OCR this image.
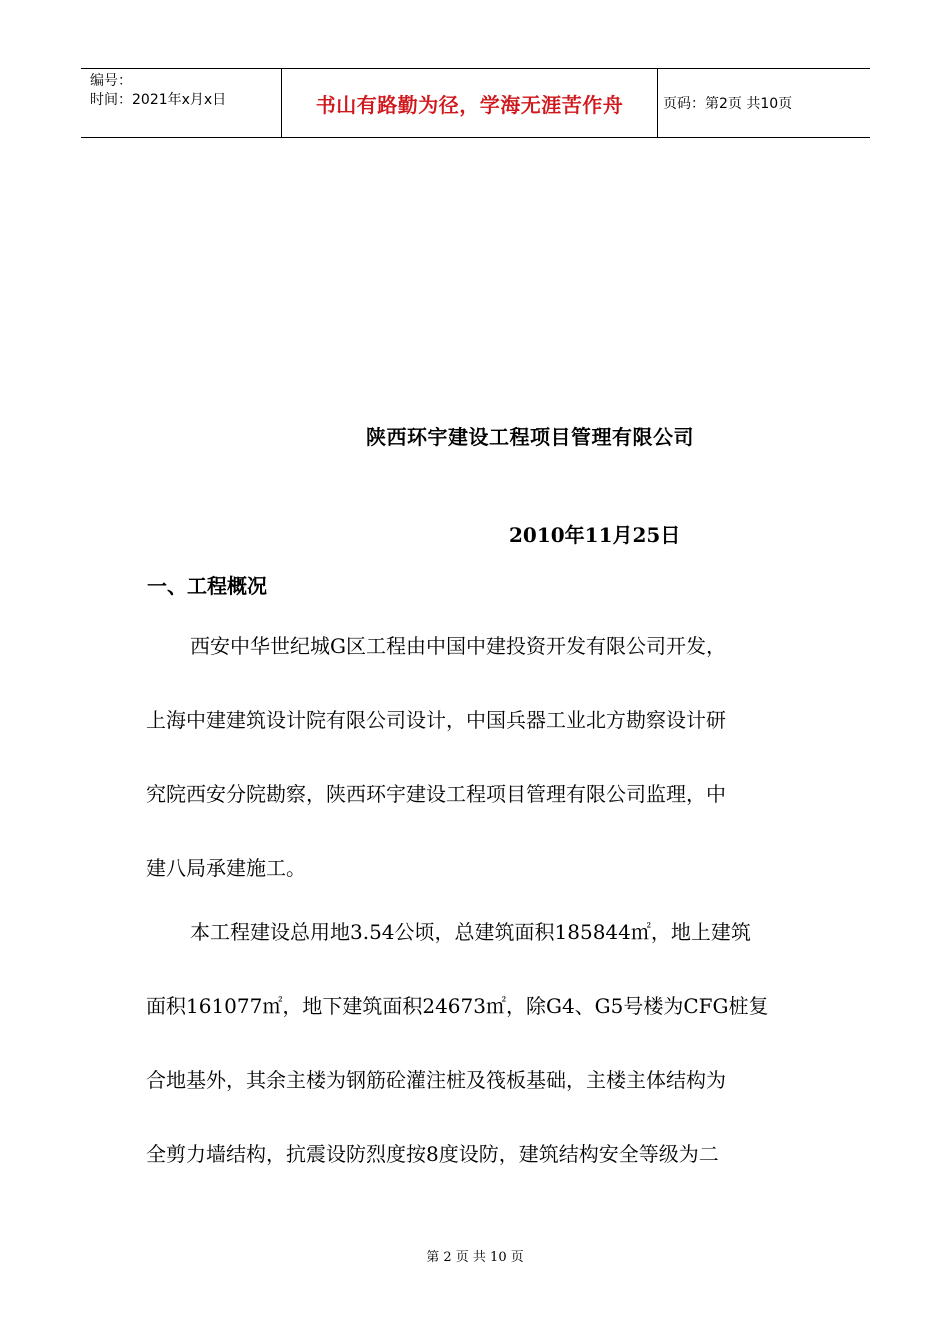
编号：
时间：2021年x月x日	书山有路勤为径，学海无涯苦作舟	页码：第2页 共10页
陕西环宇建设工程项目管理有限公司
2010年11月25日
一、工程概况
西安中华世纪城G区工程由中国中建投资开发有限公司开发，
上海中建建筑设计院有限公司设计，中国兵器工业北方勘察设计研
究院西安分院勘察，陕西环宇建设工程项目管理有限公司监理，中
建八局承建施工。
本工程建设总用地3.54公顷，总建筑面积185844㎡，地上建筑
面积161077㎡，地下建筑面积24673㎡，除G4、G5号楼为CFG桩复
合地基外，其余主楼为钢筋砼灌注桩及筏板基础，主楼主体结构为
全剪力墙结构，抗震设防烈度按8度设防，建筑结构安全等级为二
第 2 页 共 10 页
